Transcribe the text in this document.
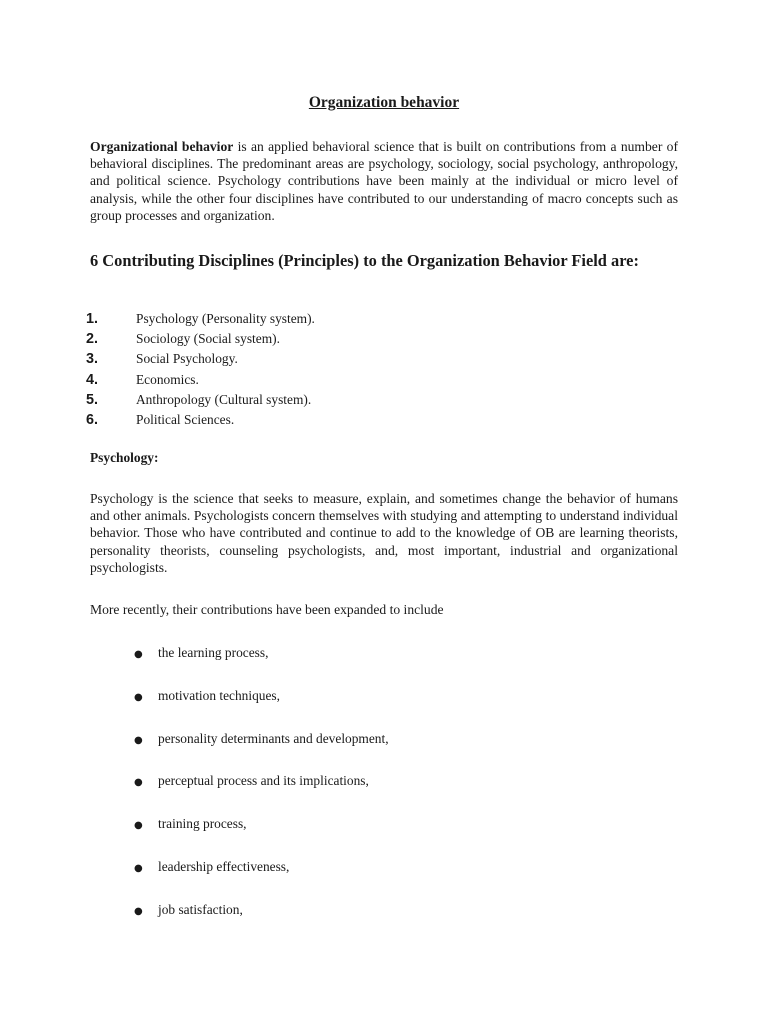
Organization behavior

Organizational behavior is an applied behavioral science that is built on contributions from a number of behavioral disciplines. The predominant areas are psychology, sociology, social psychology, anthropology, and political science. Psychology contributions have been mainly at the individual or micro level of analysis, while the other four disciplines have contributed to our understanding of macro concepts such as group processes and organization.

6 Contributing Disciplines (Principles) to the Organization Behavior Field are:
1.	Psychology (Personality system).
2.	Sociology (Social system).
3.	Social Psychology.
4.	Economics.
5.	Anthropology (Cultural system).
6.	Political Sciences.
Psychology:

Psychology is the science that seeks to measure, explain, and sometimes change the behavior of humans and other animals. Psychologists concern themselves with studying and attempting to understand individual behavior. Those who have contributed and continue to add to the knowledge of OB are learning theorists, personality theorists, counseling psychologists, and, most important, industrial and organizational psychologists.

More recently, their contributions have been expanded to include

●	the learning process,
●	motivation techniques,
●	personality determinants and development,
●	perceptual process and its implications,
●	training process,
●	leadership effectiveness,
●	job satisfaction,
